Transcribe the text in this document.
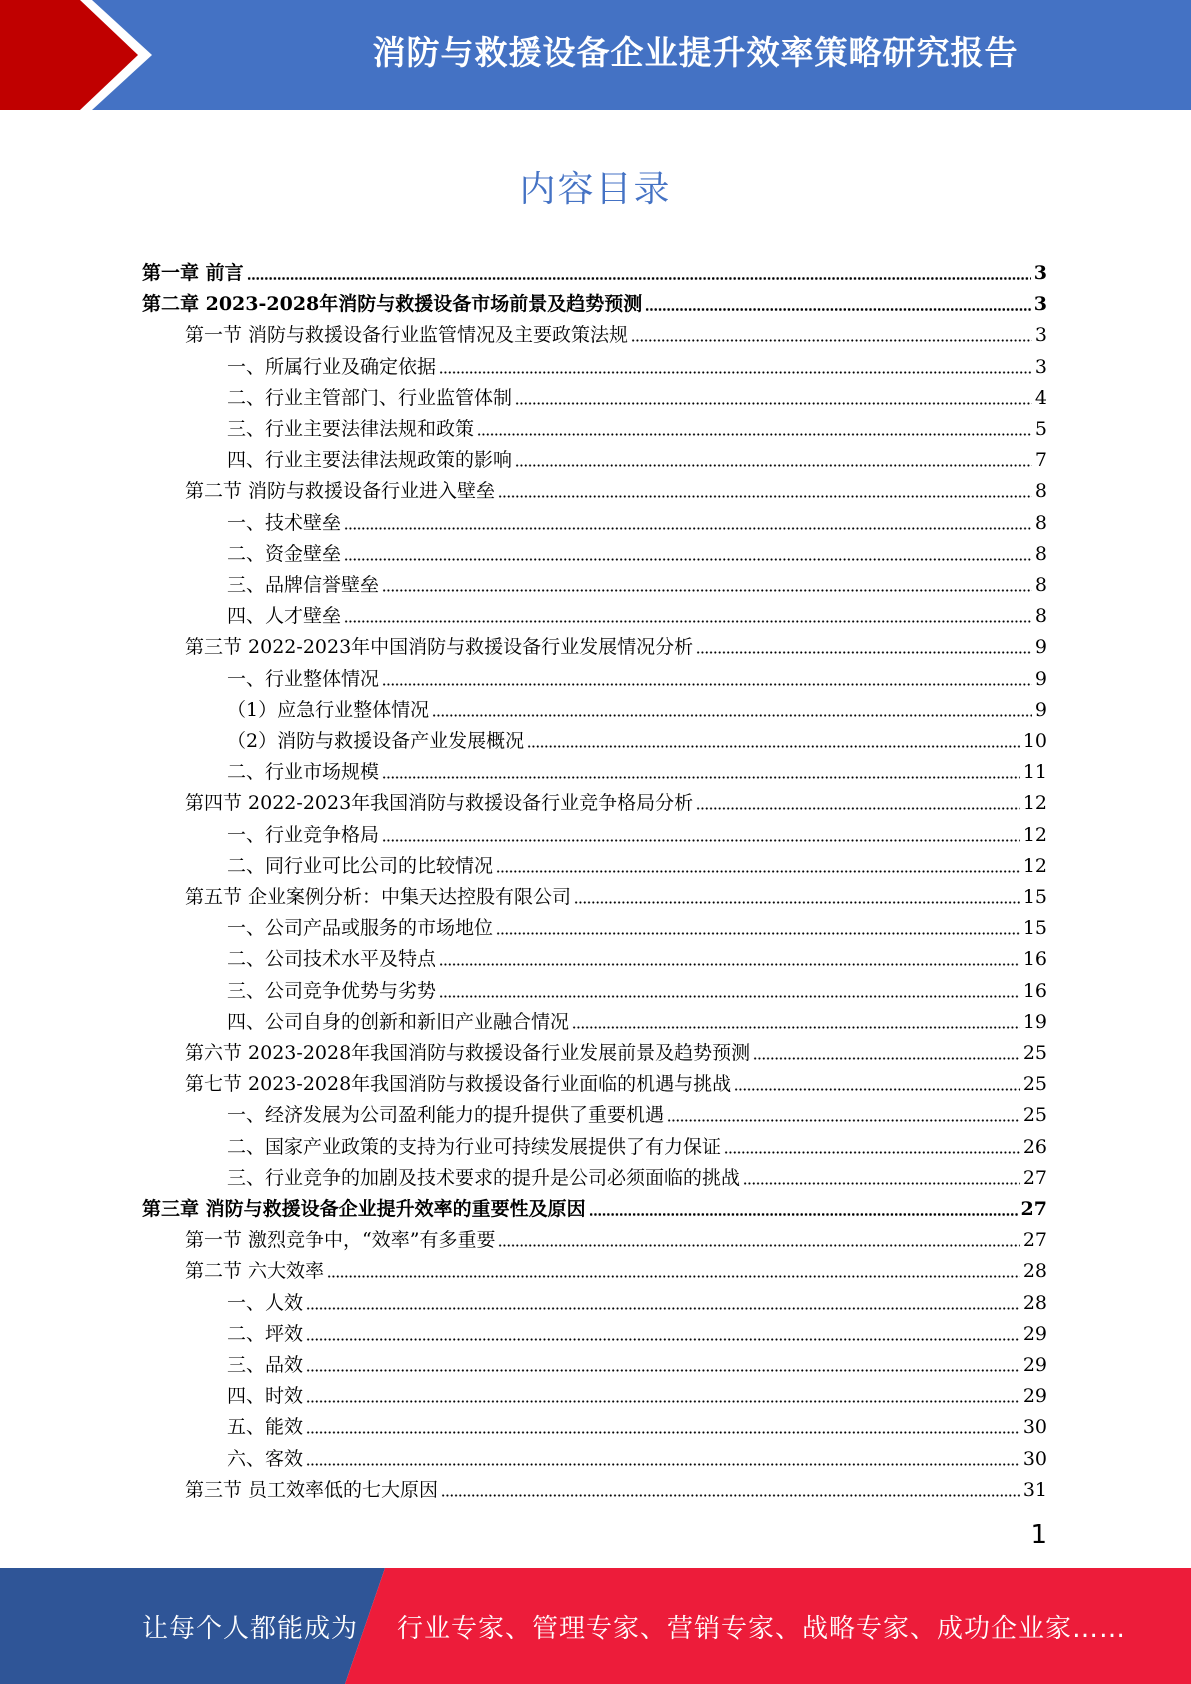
消防与救援设备企业提升效率策略研究报告
内容目录
第一章 前言	3
第二章 2023-2028年消防与救援设备市场前景及趋势预测	3
第一节 消防与救援设备行业监管情况及主要政策法规	3
一、所属行业及确定依据	3
二、行业主管部门、行业监管体制	4
三、行业主要法律法规和政策	5
四、行业主要法律法规政策的影响	7
第二节 消防与救援设备行业进入壁垒	8
一、技术壁垒	8
二、资金壁垒	8
三、品牌信誉壁垒	8
四、人才壁垒	8
第三节 2022-2023年中国消防与救援设备行业发展情况分析	9
一、行业整体情况	9
（1）应急行业整体情况	9
（2）消防与救援设备产业发展概况	10
二、行业市场规模	11
第四节 2022-2023年我国消防与救援设备行业竞争格局分析	12
一、行业竞争格局	12
二、同行业可比公司的比较情况	12
第五节 企业案例分析：中集天达控股有限公司	15
一、公司产品或服务的市场地位	15
二、公司技术水平及特点	16
三、公司竞争优势与劣势	16
四、公司自身的创新和新旧产业融合情况	19
第六节 2023-2028年我国消防与救援设备行业发展前景及趋势预测	25
第七节 2023-2028年我国消防与救援设备行业面临的机遇与挑战	25
一、经济发展为公司盈利能力的提升提供了重要机遇	25
二、国家产业政策的支持为行业可持续发展提供了有力保证	26
三、行业竞争的加剧及技术要求的提升是公司必须面临的挑战	27
第三章 消防与救援设备企业提升效率的重要性及原因	27
第一节 激烈竞争中，“效率”有多重要	27
第二节 六大效率	28
一、人效	28
二、坪效	29
三、品效	29
四、时效	29
五、能效	30
六、客效	30
第三节 员工效率低的七大原因	31
1
让每个人都能成为 行业专家、管理专家、营销专家、战略专家、成功企业家……
